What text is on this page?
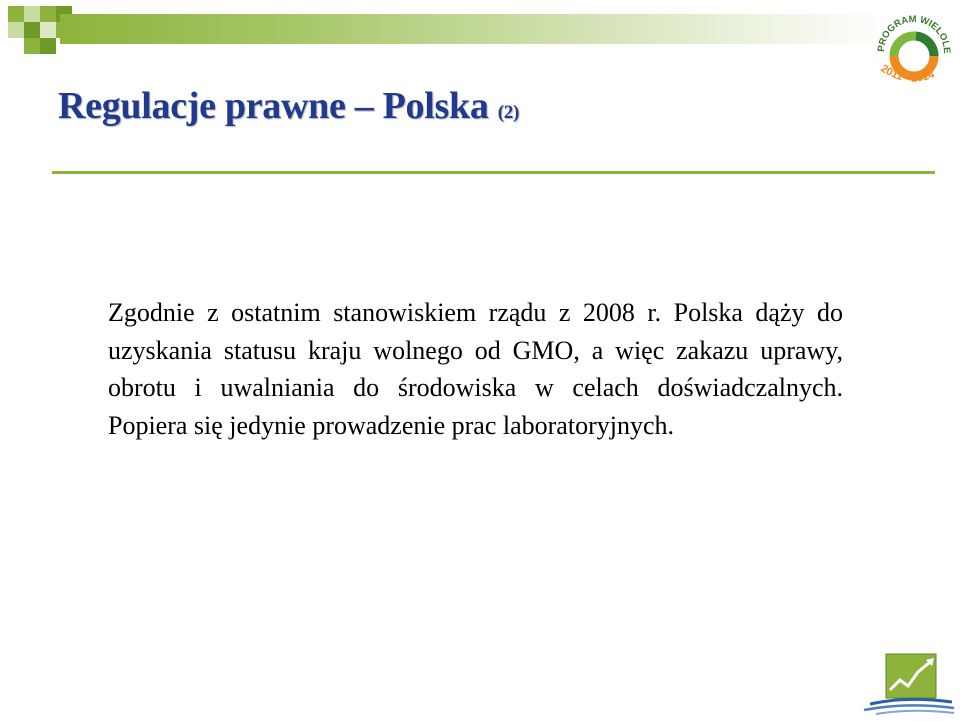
PROGRAM WIELOLE
2011 - 2014
Regulacje prawne – Polska (2)

Zgodnie z ostatnim stanowiskiem rządu z 2008 r. Polska dąży do uzyskania statusu kraju wolnego od GMO, a więc zakazu uprawy, obrotu i uwalniania do środowiska w celach doświadczalnych. Popiera się jedynie prowadzenie prac laboratoryjnych.
